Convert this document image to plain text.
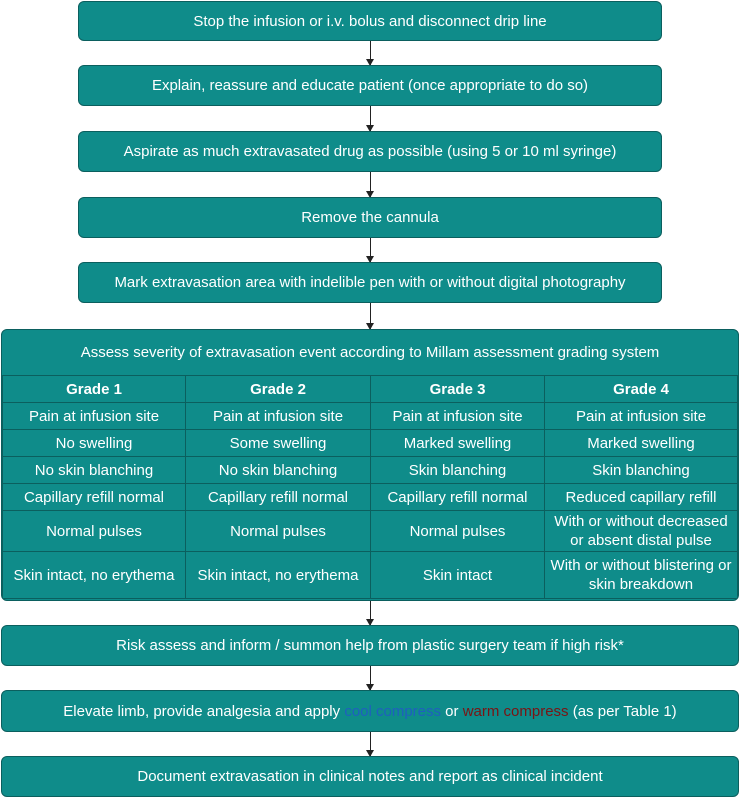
Stop the infusion or i.v. bolus and disconnect drip line
Explain, reassure and educate patient (once appropriate to do so)
Aspirate as much extravasated drug as possible (using 5 or 10 ml syringe)
Remove the cannula
Mark extravasation area with indelible pen with or without digital photography
Assess severity of extravasation event according to Millam assessment grading system
Grade 1	Grade 2	Grade 3	Grade 4
Pain at infusion site	Pain at infusion site	Pain at infusion site	Pain at infusion site
No swelling	Some swelling	Marked swelling	Marked swelling
No skin blanching	No skin blanching	Skin blanching	Skin blanching
Capillary refill normal	Capillary refill normal	Capillary refill normal	Reduced capillary refill
Normal pulses	Normal pulses	Normal pulses	With or without decreased or absent distal pulse
Skin intact, no erythema	Skin intact, no erythema	Skin intact	With or without blistering or skin breakdown
Risk assess and inform / summon help from plastic surgery team if high risk*
Elevate limb, provide analgesia and apply cool compress or warm compress (as per Table 1)
Document extravasation in clinical notes and report as clinical incident
